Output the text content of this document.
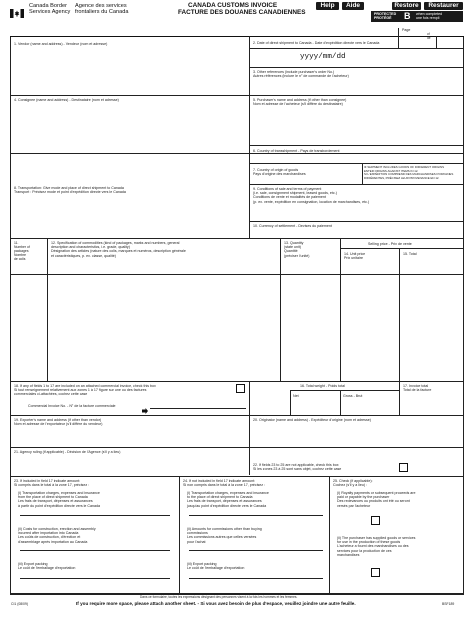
Canada Border
Services Agency
Agence des services
frontaliers du Canada
CANADA CUSTOMS INVOICE
FACTURE DES DOUANES CANADIENNES
Help	Aide	Restore	Restaurer
PROTECTED
PROTÉGÉ	B when completed
une fois rempli
1. Vendor (name and address) - Vendeur (nom et adresse)
Page
of
de
2. Date of direct shipment to Canada - Date d'expédition directe vers le Canada
yyyy/mm/dd
3. Other references (include purchaser's order No.)
Autres références (inclure le n° de commande de l'acheteur)
4. Consignee (name and address) - Destinataire (nom et adresse)	5. Purchaser's name and address (if other than consignee)
Nom et adresse de l'acheteur (s'il diffère du destinataire)
6. Country of transshipment - Pays de transbordement
7. Country of origin of goods
Pays d'origine des marchandises
IF SHIPMENT INCLUDES GOODS OF DIFFERENT ORIGINS
ENTER ORIGINS AGAINST ITEMS IN 12.
SI L'EXPÉDITION COMPREND DES MARCHANDISES D'ORIGINES
DIFFÉRENTES, PRÉCISEZ LEUR PROVENANCE EN 12.
9. Conditions of sale and terms of payment
(i.e. sale, consignment shipment, leased goods, etc.)
Conditions de vente et modalités de paiement
(p. ex. vente, expédition en consignation, location de marchandises, etc.)
10. Currency of settlement - Devises du paiement
8. Transportation: Give mode and place of direct shipment to Canada
Transport : Précisez mode et point d'expédition directe vers le Canada
11.
Number of
packages
Nombre
de colis
12. Specification of commodities (kind of packages, marks and numbers, general
description and characteristics, i.e. grade, quality)
Désignation des articles (nature des colis, marques et numéros, description générale
et caractéristiques, p. ex. classe, qualité)
13. Quantity
(state unit)
Quantité
(préciser l'unité)
Selling price - Prix de vente
14. Unit price
Prix unitaire
15. Total
18. If any of fields 1 to 17 are included on an attached commercial invoice, check this box
Si tout renseignement relativement aux zones 1 à 17 figure sur une ou des factures
commerciales ci-attachées, cochez cette case
Commercial Invoice No. - N° de la facture commerciale
16. Total weight - Poids total
Net	Gross - Brut
17. Invoice total
Total de la facture
19. Exporter's name and address (if other than vendor)
Nom et adresse de l'exportateur (s'il diffère du vendeur)
20. Originator (name and address) - Expéditeur d'origine (nom et adresse)
21. Agency ruling (if applicable) - Décision de l'Agence (s'il y a lieu)
22. If fields 23 to 25 are not applicable, check this box
Si les zones 23 à 25 sont sans objet, cochez cette case
23. If included in field 17 indicate amount:
Si compris dans le total à la zone 17, précisez :
(i) Transportation charges, expenses and insurance
from the place of direct shipment to Canada
Les frais de transport, dépenses et assurances
à partir du point d'expédition directe vers le Canada
(ii) Costs for construction, erection and assembly
incurred after importation into Canada
Les coûts de construction, d'érection et
d'assemblage après importation au Canada
(iii) Export packing
Le coût de l'emballage d'exportation
24. If not included in field 17 indicate amount:
Si non compris dans le total à la zone 17, précisez :
(i) Transportation charges, expenses and insurance
to the place of direct shipment to Canada
Les frais de transport, dépenses et assurances
jusqu'au point d'expédition directe vers le Canada
(ii) Amounts for commissions other than buying
commissions
Les commissions autres que celles versées
pour l'achat
(iii) Export packing
Le coût de l'emballage d'exportation
25. Check (if applicable):
Cochez (s'il y a lieu) :
(i) Royalty payments or subsequent proceeds are
paid or payable by the purchaser
Des redevances ou produits ont été ou seront
versés par l'acheteur
(ii) The purchaser has supplied goods or services
for use in the production of these goods
L'acheteur a fourni des marchandises ou des
services pour la production de ces
marchandises
Dans ce formulaire, toutes les expressions désignant des personnes visent à la fois les hommes et les femmes.
CI1 (08/09)	If you require more space, please attach another sheet. - Si vous avez besoin de plus d'espace, veuillez joindre une autre feuille.	BSF189
